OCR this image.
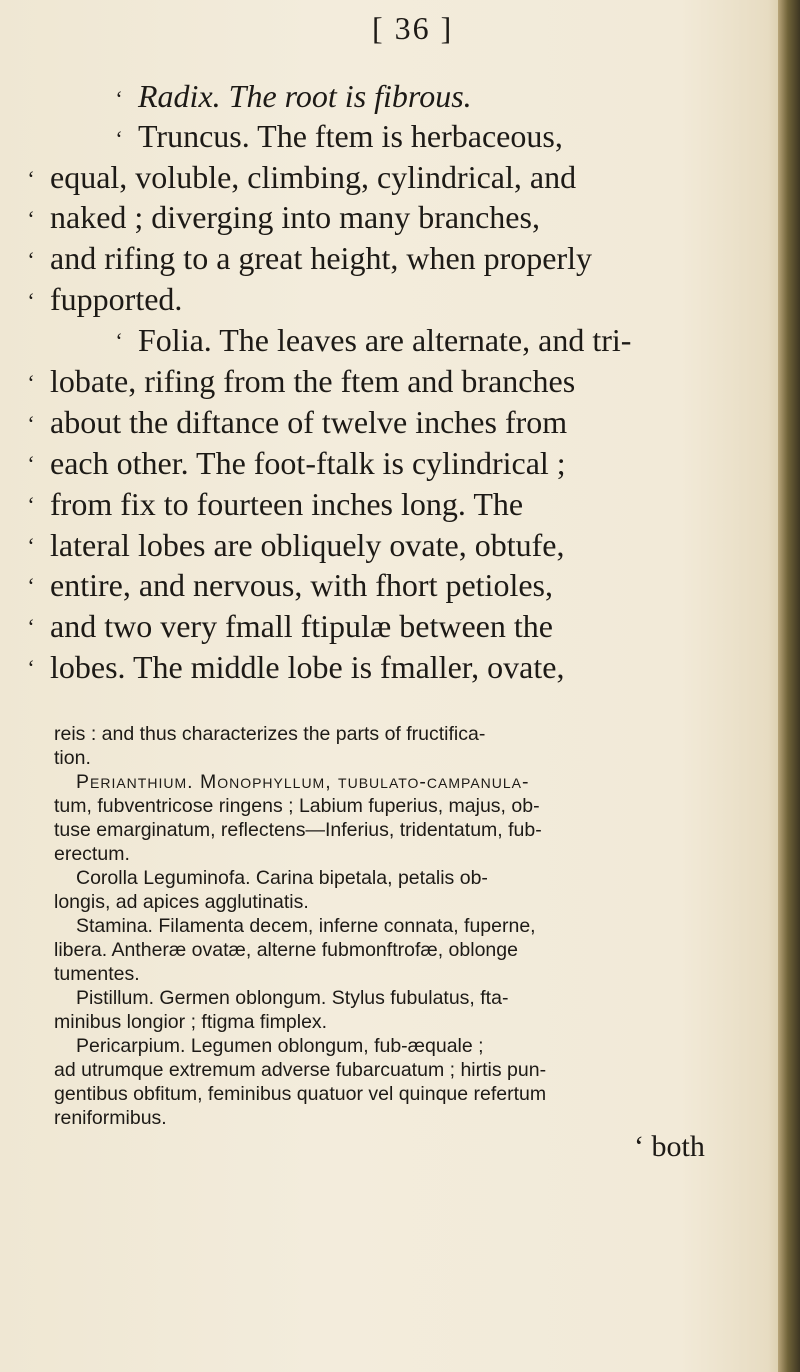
[ 36 ]
‘
‘
‘
‘
‘
‘
‘
‘
‘
‘
‘
‘
‘
‘
‘
Radix. The root is fibrous.
Truncus. The ftem is herbaceous,
equal, voluble, climbing, cylindrical, and
naked ; diverging into many branches,
and rifing to a great height, when properly
fupported.
Folia. The leaves are alternate, and tri-
lobate, rifing from the ftem and branches
about the diftance of twelve inches from
each other. The foot-ftalk is cylindrical ;
from fix to fourteen inches long. The
lateral lobes are obliquely ovate, obtufe,
entire, and nervous, with fhort petioles,
and two very fmall ftipulæ between the
lobes. The middle lobe is fmaller, ovate,
reis : and thus characterizes the parts of fructifica-
tion.
Perianthium. Monophyllum, tubulato-campanula-
tum, fubventricose ringens ; Labium fuperius, majus, ob-
tuse emarginatum, reflectens—Inferius, tridentatum, fub-
erectum.
Corolla Leguminofa. Carina bipetala, petalis ob-
longis, ad apices agglutinatis.
Stamina. Filamenta decem, inferne connata, fuperne,
libera. Antheræ ovatæ, alterne fubmonftrofæ, oblonge
tumentes.
Pistillum. Germen oblongum. Stylus fubulatus, fta-
minibus longior ; ftigma fimplex.
Pericarpium. Legumen oblongum, fub-æquale ;
ad utrumque extremum adverse fubarcuatum ; hirtis pun-
gentibus obfitum, feminibus quatuor vel quinque refertum
reniformibus.
‘ both
